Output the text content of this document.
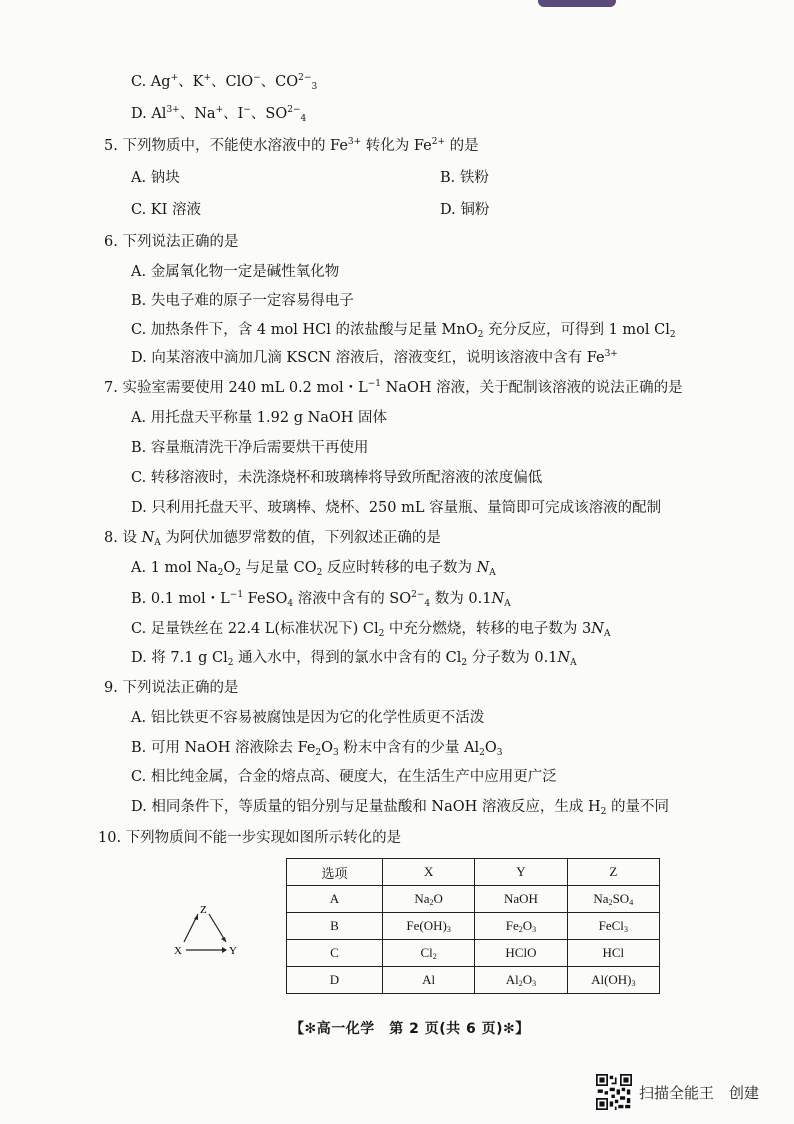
C. Ag+、K+、ClO−、$CO^{2-}_3$
D. $Al^{3+}$、Na+、I−、$SO^{2-}_4$
5. 下列物质中，不能使水溶液中的 $Fe^{3+}$ 转化为 $Fe^{2+}$ 的是
A. 钠块	B. 铁粉
C. KI 溶液	D. 铜粉
6. 下列说法正确的是
A. 金属氧化物一定是碱性氧化物
B. 失电子难的原子一定容易得电子
C. 加热条件下，含 4 mol HCl 的浓盐酸与足量 MnO$_2$ 充分反应，可得到 1 mol $Cl_2$
D. 向某溶液中滴加几滴 KSCN 溶液后，溶液变红，说明该溶液中含有 $Fe^{3+}$
7. 实验室需要使用 240 mL 0.2 mol・$L^{-1}$ NaOH 溶液，关于配制该溶液的说法正确的是
A. 用托盘天平称量 1.92 g NaOH 固体
B. 容量瓶清洗干净后需要烘干再使用
C. 转移溶液时，未洗涤烧杯和玻璃棒将导致所配溶液的浓度偏低
D. 只利用托盘天平、玻璃棒、烧杯、250 mL 容量瓶、量筒即可完成该溶液的配制
8. 设 $N_A$ 为阿伏加德罗常数的值，下列叙述正确的是
A. 1 mol $Na_2O_2$ 与足量 $CO_2$ 反应时转移的电子数为 $N_A$
B. 0.1 mol・$L^{-1}$ FeSO$_4$ 溶液中含有的 $SO^{2-}_4$ 数为 $0.1N_A$
C. 足量铁丝在 22.4 L(标准状况下) $Cl_2$ 中充分燃烧，转移的电子数为 $3N_A$
D. 将 7.1 g $Cl_2$ 通入水中，得到的氯水中含有的 $Cl_2$ 分子数为 $0.1N_A$
9. 下列说法正确的是
A. 铝比铁更不容易被腐蚀是因为它的化学性质更不活泼
B. 可用 NaOH 溶液除去 $Fe_2O_3$ 粉末中含有的少量 $Al_2O_3$
C. 相比纯金属，合金的熔点高、硬度大，在生活生产中应用更广泛
D. 相同条件下，等质量的铝分别与足量盐酸和 NaOH 溶液反应，生成 $H_2$ 的量不同
10. 下列物质间不能一步实现如图所示转化的是
Z
X	Y
选项	X	Y	Z
A	$Na_2O$	NaOH	$Na_2SO_4$
B	$Fe(OH)_3$	$Fe_2O_3$	FeCl$_3$
C	$Cl_2$	HClO	HCl
D	Al	$Al_2O_3$	$Al(OH)_3$
【✻高一化学　第 2 页(共 6 页)✻】
扫描全能王　创建
